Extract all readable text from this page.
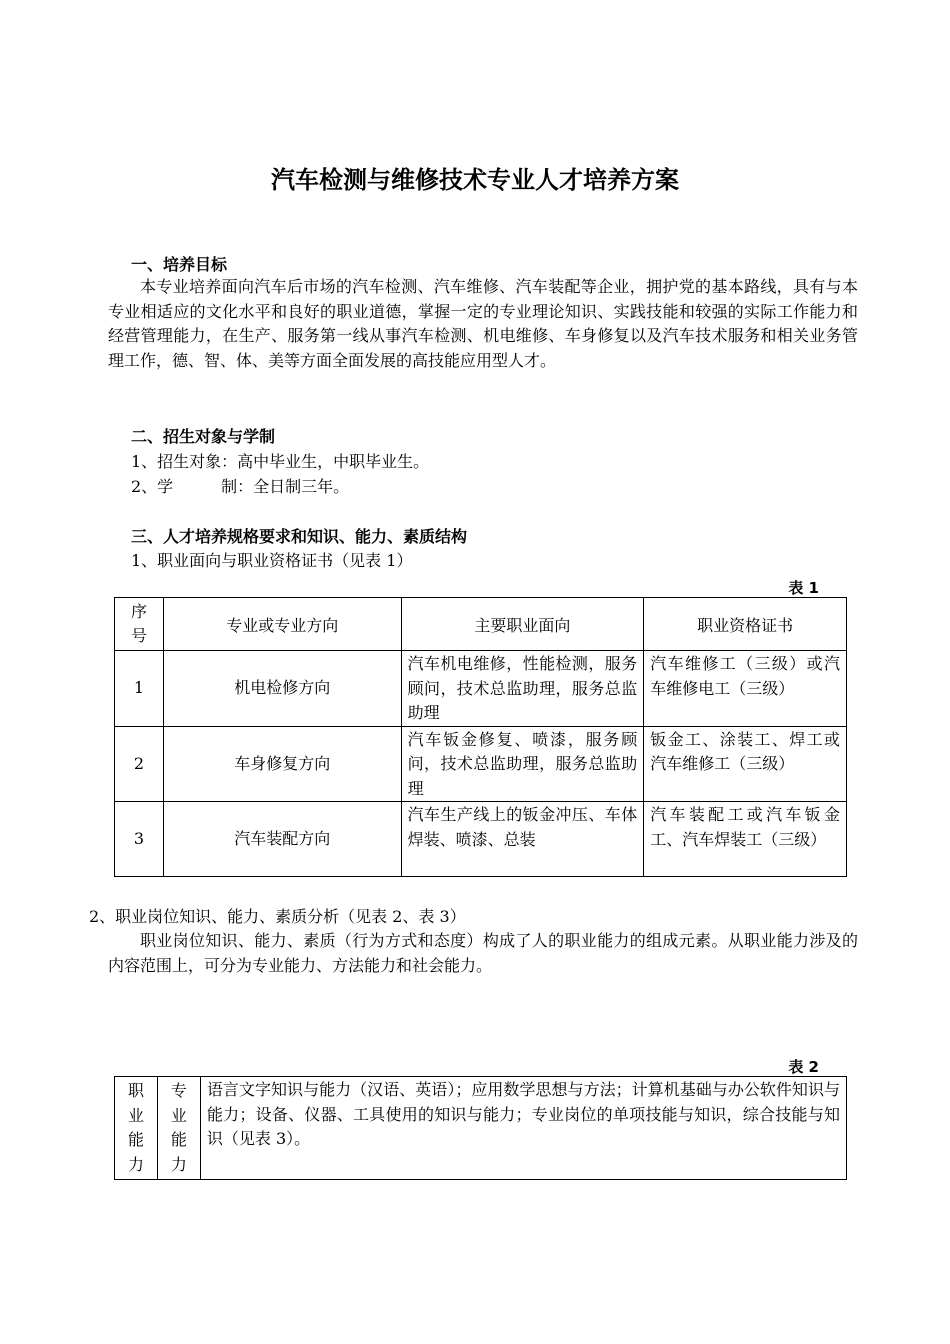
汽车检测与维修技术专业人才培养方案
一、培养目标
本专业培养面向汽车后市场的汽车检测、汽车维修、汽车装配等企业，拥护党的基本路线，具有与本专业相适应的文化水平和良好的职业道德，掌握一定的专业理论知识、实践技能和较强的实际工作能力和经营管理能力，在生产、服务第一线从事汽车检测、机电维修、车身修复以及汽车技术服务和相关业务管理工作，德、智、体、美等方面全面发展的高技能应用型人才。
二、招生对象与学制
1、招生对象：高中毕业生，中职毕业生。
2、学　　　制：全日制三年。
三、人才培养规格要求和知识、能力、素质结构
1、职业面向与职业资格证书（见表 1）
表 1
序号	专业或专业方向	主要职业面向	职业资格证书
1	机电检修方向	汽车机电维修，性能检测，服务顾问，技术总监助理，服务总监助理	汽车维修工（三级）或汽车维修电工（三级）
2	车身修复方向	汽车钣金修复、喷漆，服务顾问，技术总监助理，服务总监助理	钣金工、涂装工、焊工或汽车维修工（三级）
3	汽车装配方向	汽车生产线上的钣金冲压、车体焊装、喷漆、总装	汽车装配工或汽车钣金工、汽车焊装工（三级）
2、职业岗位知识、能力、素质分析（见表 2、表 3）
职业岗位知识、能力、素质（行为方式和态度）构成了人的职业能力的组成元素。从职业能力涉及的内容范围上，可分为专业能力、方法能力和社会能力。
表 2
职业能力	专业能力	语言文字知识与能力（汉语、英语）；应用数学思想与方法；计算机基础与办公软件知识与能力；设备、仪器、工具使用的知识与能力；专业岗位的单项技能与知识，综合技能与知识（见表 3）。
